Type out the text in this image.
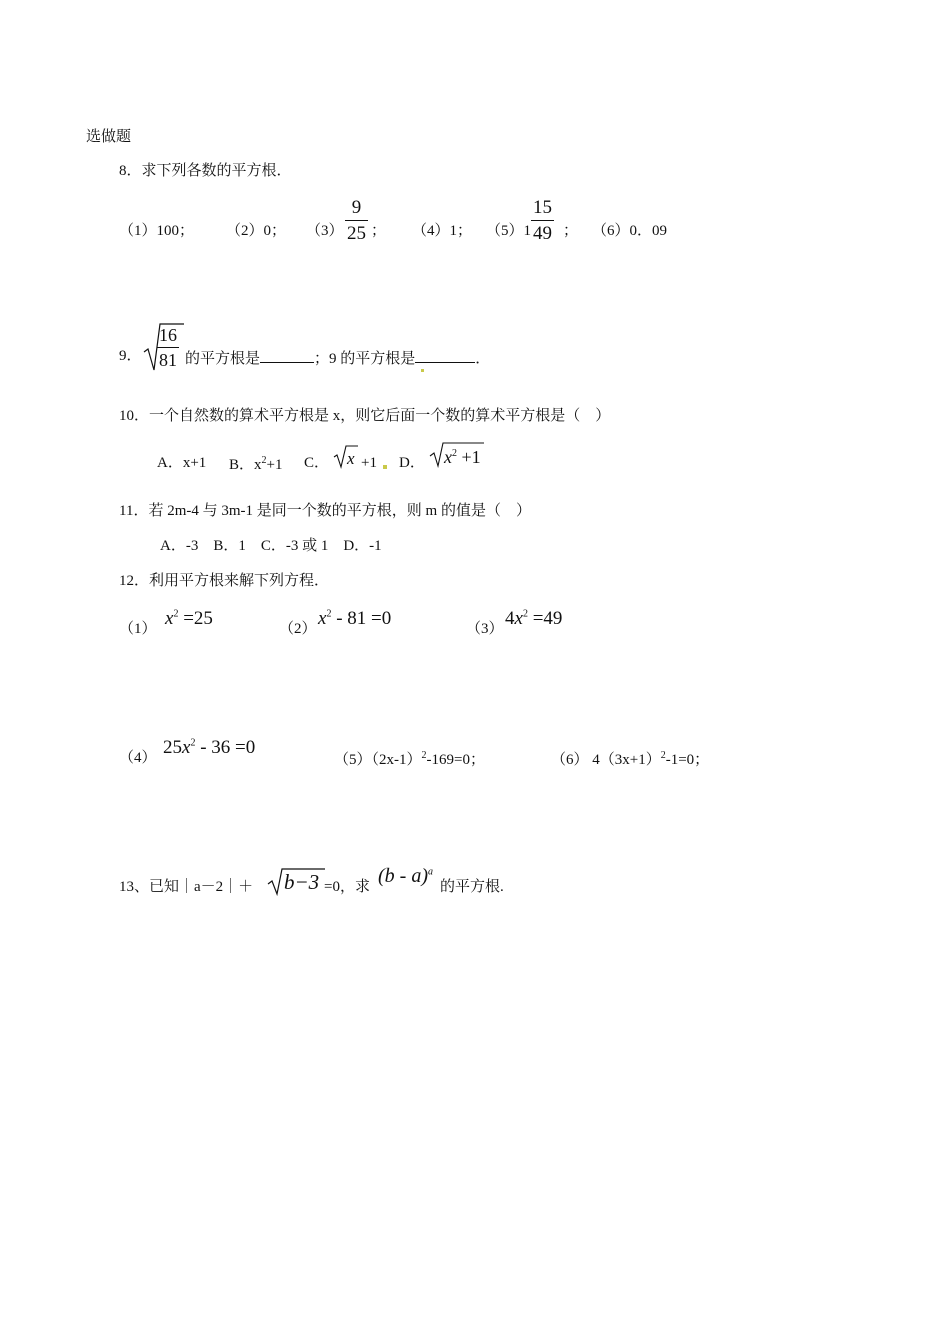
选做题
8．求下列各数的平方根．
（1）100； （2）0； $(3) \frac{9}{25}$ ； （4）1； $(5)1 \frac{15}{49}$ ； （6）0．09
9． $\frac{16}{81}$ 的平方根是	；9 的平方根是	．
10．一个自然数的算术平方根是 x，则它后面一个数的算术平方根是（　）
A．x+1 B．$x^2+1$ C． x +1 D． $x^2 +1$
11．若 2m-4 与 3m-1 是同一个数的平方根，则 m 的值是（　）
A．-3　B．1　C．-3 或 1　D．-1
12．利用平方根来解下列方程．
（1） $x^2 =25$	（2） $x^2 - 81 =0$	（3） $4x^2 =49$
（4） $25x^2 - 36 =0$
$(5)(2x-1)^2-169=0$；	（6） $4(3x+1)^2-1=0$；
13、已知｜a－2｜＋ b−3 =0，求 (b - a)$^a$
的平方根.
